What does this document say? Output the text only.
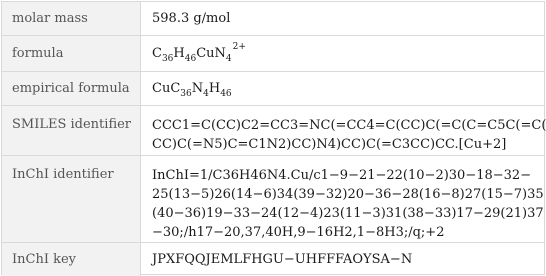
molar mass	598.3 g/mol
formula	$C_{36}H_{46}CuN_4^{2+}$
empirical formula	$CuC_{36}N_4H_{46}$
SMILES identifier	CCC1=C(CC)C2=CC3=NC(=CC4=C(CC)C(=C(C=C5C(=C(
CC)C(=N5)C=C1N2)CC)N4)CC)C(=C3CC)CC.[Cu+2]
InChI identifier	InChI=1/C36H46N4.Cu/c1−9−21−22(10−2)30−18−32−
25(13−5)26(14−6)34(39−32)20−36−28(16−8)27(15−7)35
(40−36)19−33−24(12−4)23(11−3)31(38−33)17−29(21)37
−30;/h17−20,37,40H,9−16H2,1−8H3;/q;+2
InChI key	JPXFQQJEMLFHGU−UHFFFAOYSA−N
